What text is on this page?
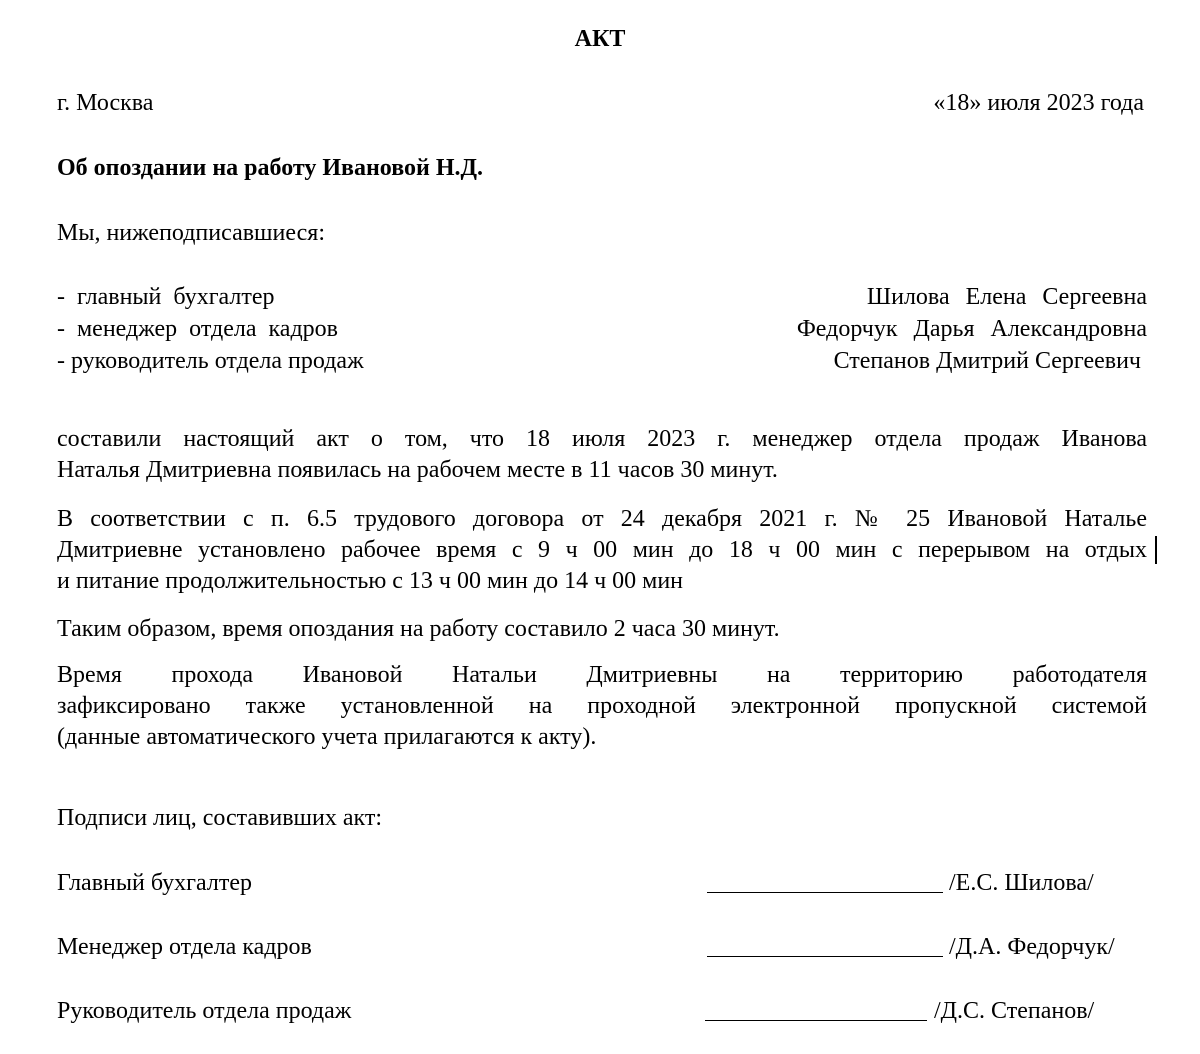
АКТ
г. Москва	«18» июля 2023 года
Об опоздании на работу Ивановой Н.Д.
Мы, нижеподписавшиеся:
- главный бухгалтер	Шилова Елена Сергеевна
- менеджер отдела кадров	Федорчук Дарья Александровна
- руководитель отдела продаж	Степанов Дмитрий Сергеевич
составили настоящий акт о том, что 18 июля 2023 г. менеджер отдела продаж Иванова
Наталья Дмитриевна появилась на рабочем месте в 11 часов 30 минут.
В соответствии с п. 6.5 трудового договора от 24 декабря 2021 г. № 25 Ивановой Наталье
Дмитриевне установлено рабочее время с 9 ч 00 мин до 18 ч 00 мин с перерывом на отдых
и питание продолжительностью с 13 ч 00 мин до 14 ч 00 мин
Таким образом, время опоздания на работу составило 2 часа 30 минут.
Время прохода Ивановой Натальи Дмитриевны на территорию работодателя
зафиксировано также установленной на проходной электронной пропускной системой
(данные автоматического учета прилагаются к акту).
Подписи лиц, составивших акт:
Главный бухгалтер	/Е.С. Шилова/
Менеджер отдела кадров	/Д.А. Федорчук/
Руководитель отдела продаж	/Д.С. Степанов/
